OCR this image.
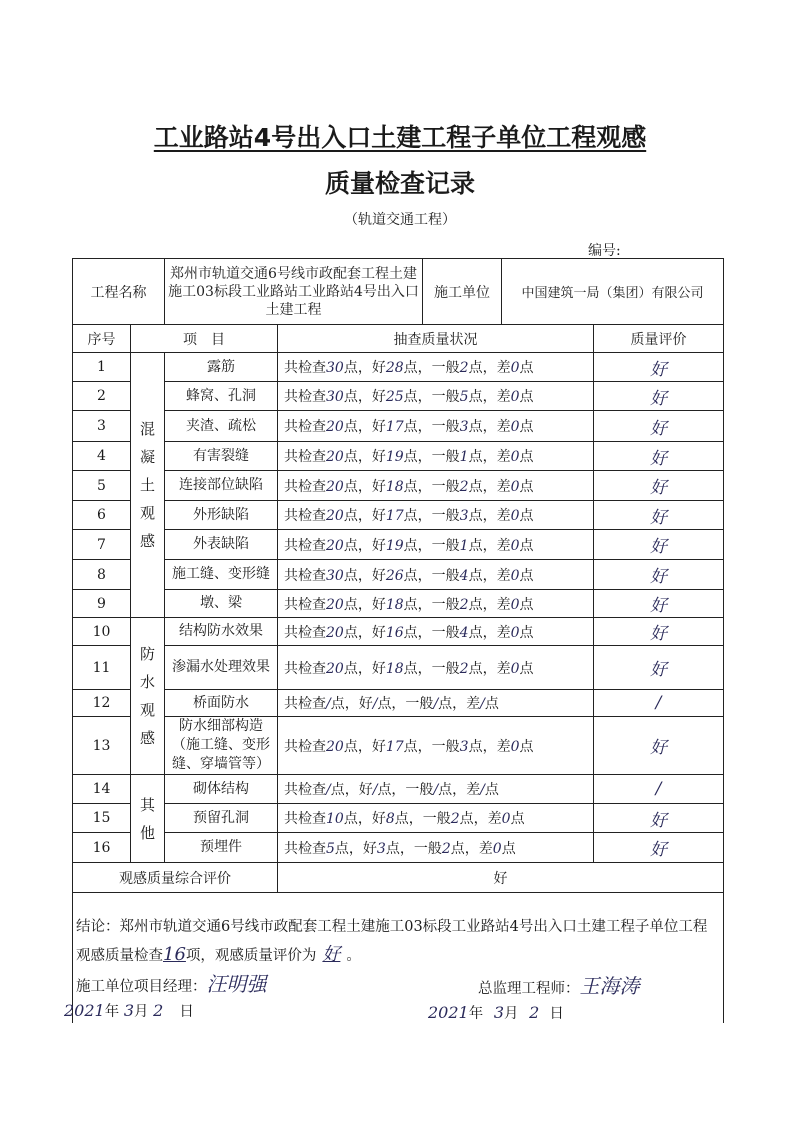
工业路站4号出入口土建工程子单位工程观感
质量检查记录
（轨道交通工程）
编号:
工程名称		郑州市轨道交通6号线市政配套工程土建施工03标段工业路站工业路站4号出入口土建工程		施工单位	中国建筑一局（集团）有限公司	
序号	项　目		抽查质量状况			质量评价
1	混凝土观感	露筋	共检查30点，好28点，一般2点，差0点			好
2		蜂窝、孔洞	共检查30点，好25点，一般5点，差0点			好
3		夹渣、疏松	共检查20点，好17点，一般3点，差0点			好
4		有害裂缝	共检查20点，好19点，一般1点，差0点			好
5		连接部位缺陷	共检查20点，好18点，一般2点，差0点			好
6		外形缺陷	共检查20点，好17点，一般3点，差0点			好
7		外表缺陷	共检查20点，好19点，一般1点，差0点			好
8		施工缝、变形缝	共检查30点，好26点，一般4点，差0点			好
9		墩、梁	共检查20点，好18点，一般2点，差0点			好
10	防水观感	结构防水效果	共检查20点，好16点，一般4点，差0点			好
11		渗漏水处理效果	共检查20点，好18点，一般2点，差0点			好
12		桥面防水	共检查/点，好/点，一般/点，差/点			/
13		防水细部构造（施工缝、变形缝、穿墙管等）	共检查20点，好17点，一般3点，差0点			好
14	其他	砌体结构	共检查/点，好/点，一般/点，差/点			/
15		预留孔洞	共检查10点，好8点，一般2点，差0点			好
16		预埋件	共检查5点，好3点，一般2点，差0点			好
观感质量综合评价			好			

结论：郑州市轨道交通6号线市政配套工程土建施工03标段工业路站4号出入口土建工程子单位工程观感质量检查16项，观感质量评价为 好 。
施工单位项目经理：汪明强	总监理工程师：王海涛
2021年 3月 2 日	2021年 3月 2 日
